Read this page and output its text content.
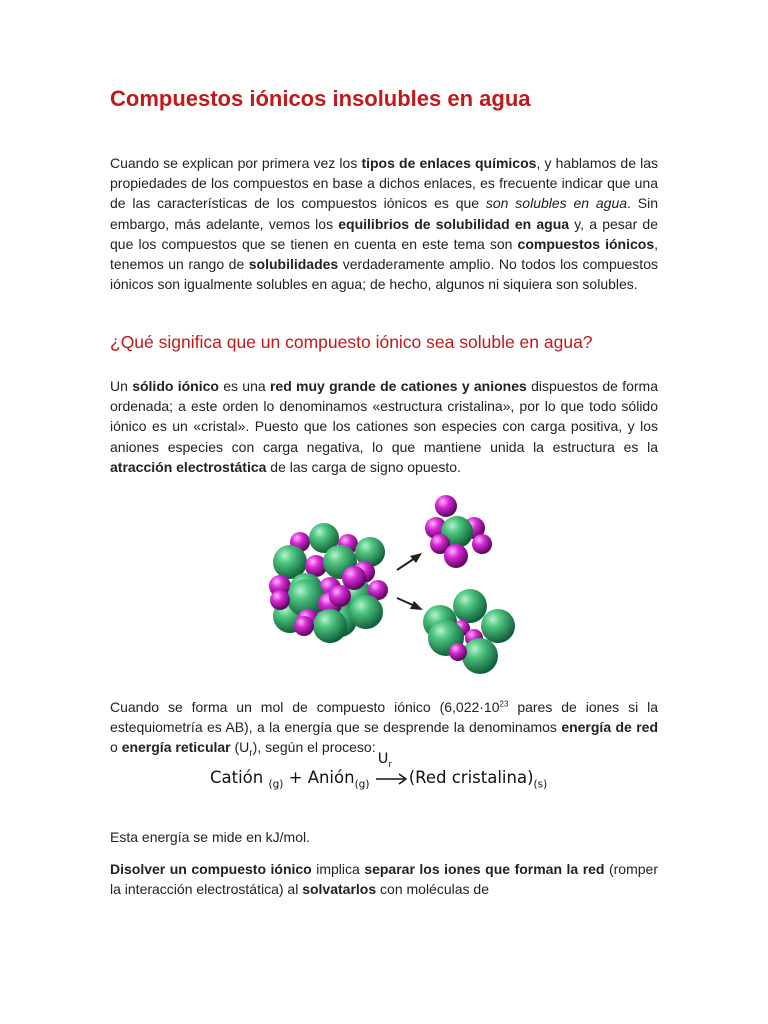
Compuestos iónicos insolubles en agua

Cuando se explican por primera vez los tipos de enlaces químicos, y hablamos de las propiedades de los compuestos en base a dichos enlaces, es frecuente indicar que una de las características de los compuestos iónicos es que son solubles en agua. Sin embargo, más adelante, vemos los equilibrios de solubilidad en agua y, a pesar de que los compuestos que se tienen en cuenta en este tema son compuestos iónicos, tenemos un rango de solubilidades verdaderamente amplio. No todos los compuestos iónicos son igualmente solubles en agua; de hecho, algunos ni siquiera son solubles.

¿Qué significa que un compuesto iónico sea soluble en agua?

Un sólido iónico es una red muy grande de cationes y aniones dispuestos de forma ordenada; a este orden lo denominamos «estructura cristalina», por lo que todo sólido iónico es un «cristal». Puesto que los cationes son especies con carga positiva, y los aniones especies con carga negativa, lo que mantiene unida la estructura es la atracción electrostática de las carga de signo opuesto.

Cuando se forma un mol de compuesto iónico ($6,022\cdot 10^{23}$ pares de iones si la estequiometría es AB), a la energía que se desprende la denominamos energía de red o energía reticular $(U_r)$, según el proceso:

Catión $_{(g)}$ + Anión$_{(g)}$
$U_r$
(Red $cristalina)_{(s)}$

Esta energía se mide en kJ/mol.

Disolver un compuesto iónico implica separar los iones que forman la red (romper la interacción electrostática) al solvatarlos con moléculas de
